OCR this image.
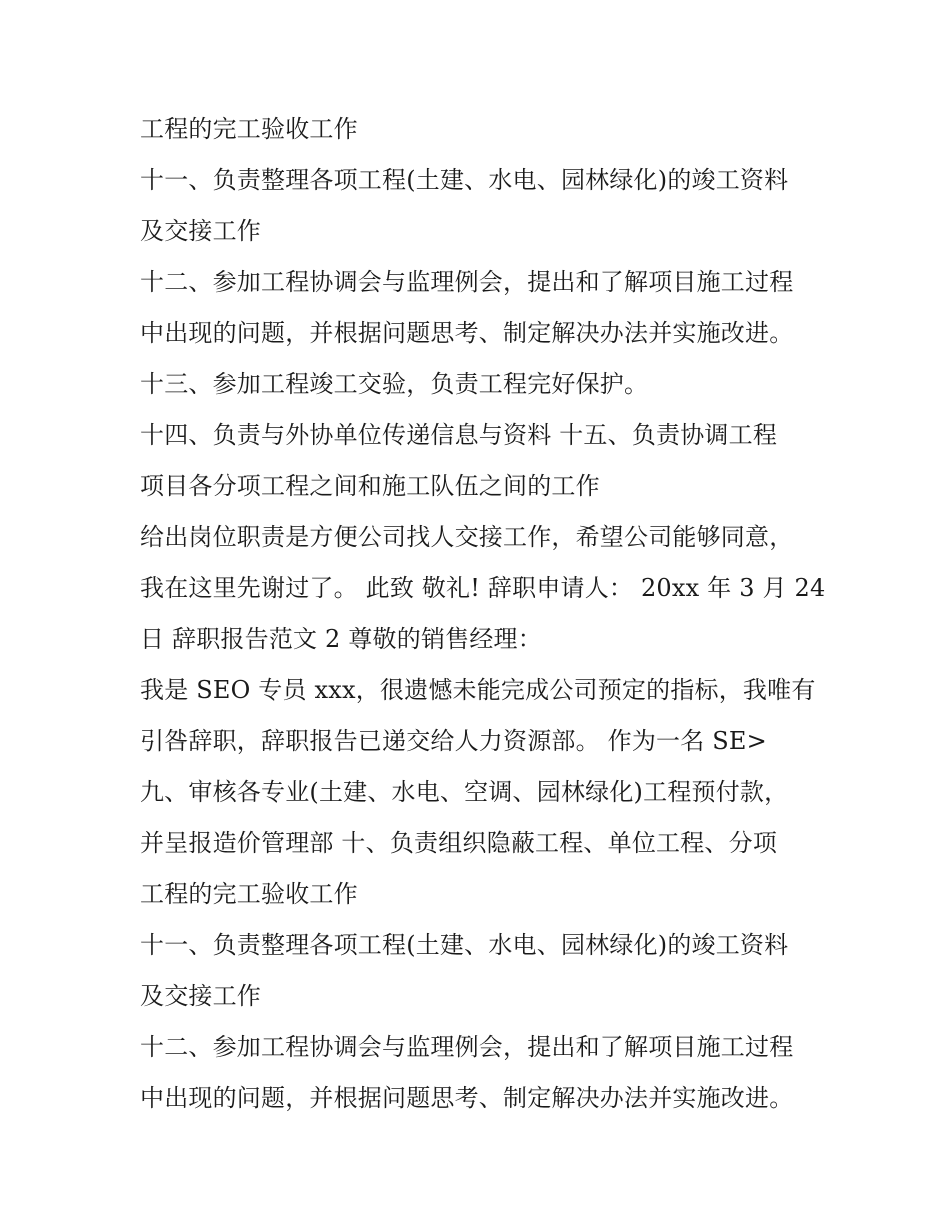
工程的完工验收工作
十一、负责整理各项工程(土建、水电、园林绿化)的竣工资料
及交接工作
十二、参加工程协调会与监理例会，提出和了解项目施工过程
中出现的问题，并根据问题思考、制定解决办法并实施改进。
十三、参加工程竣工交验，负责工程完好保护。
十四、负责与外协单位传递信息与资料 十五、负责协调工程
项目各分项工程之间和施工队伍之间的工作
给出岗位职责是方便公司找人交接工作，希望公司能够同意，
我在这里先谢过了。 此致 敬礼! 辞职申请人： 20xx 年 3 月 24
日 辞职报告范文 2 尊敬的销售经理：
我是 SEO 专员 xxx，很遗憾未能完成公司预定的指标，我唯有
引咎辞职，辞职报告已递交给人力资源部。 作为一名 SE>
九、审核各专业(土建、水电、空调、园林绿化)工程预付款，
并呈报造价管理部 十、负责组织隐蔽工程、单位工程、分项
工程的完工验收工作
十一、负责整理各项工程(土建、水电、园林绿化)的竣工资料
及交接工作
十二、参加工程协调会与监理例会，提出和了解项目施工过程
中出现的问题，并根据问题思考、制定解决办法并实施改进。
